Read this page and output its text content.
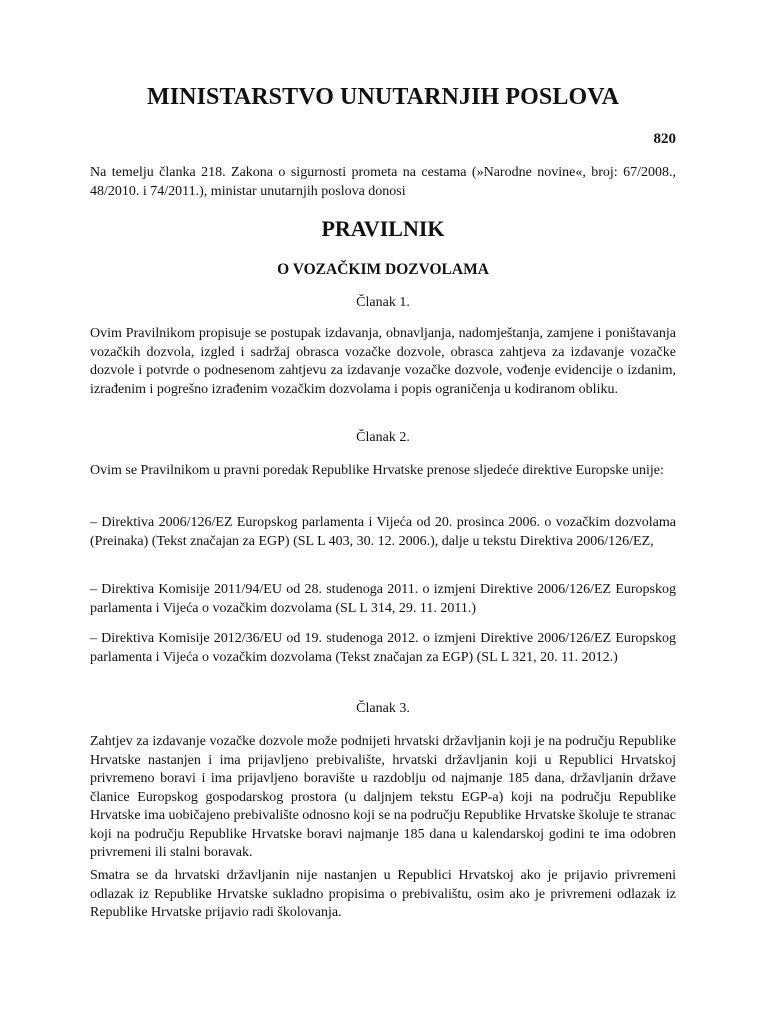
MINISTARSTVO UNUTARNJIH POSLOVA
820
Na temelju članka 218. Zakona o sigurnosti prometa na cestama (»Narodne novine«, broj: 67/2008., 48/2010. i 74/2011.), ministar unutarnjih poslova donosi
PRAVILNIK
O VOZAČKIM DOZVOLAMA
Članak 1.
Ovim Pravilnikom propisuje se postupak izdavanja, obnavljanja, nadomještanja, zamjene i poništavanja vozačkih dozvola, izgled i sadržaj obrasca vozačke dozvole, obrasca zahtjeva za izdavanje vozačke dozvole i potvrde o podnesenom zahtjevu za izdavanje vozačke dozvole, vođenje evidencije o izdanim, izrađenim i pogrešno izrađenim vozačkim dozvolama i popis ograničenja u kodiranom obliku.
Članak 2.
Ovim se Pravilnikom u pravni poredak Republike Hrvatske prenose sljedeće direktive Europske unije:
– Direktiva 2006/126/EZ Europskog parlamenta i Vijeća od 20. prosinca 2006. o vozačkim dozvolama (Preinaka) (Tekst značajan za EGP) (SL L 403, 30. 12. 2006.), dalje u tekstu Direktiva 2006/126/EZ,
– Direktiva Komisije 2011/94/EU od 28. studenoga 2011. o izmjeni Direktive 2006/126/EZ Europskog parlamenta i Vijeća o vozačkim dozvolama (SL L 314, 29. 11. 2011.)
– Direktiva Komisije 2012/36/EU od 19. studenoga 2012. o izmjeni Direktive 2006/126/EZ Europskog parlamenta i Vijeća o vozačkim dozvolama (Tekst značajan za EGP) (SL L 321, 20. 11. 2012.)
Članak 3.
Zahtjev za izdavanje vozačke dozvole može podnijeti hrvatski državljanin koji je na području Republike Hrvatske nastanjen i ima prijavljeno prebivalište, hrvatski državljanin koji u Republici Hrvatskoj privremeno boravi i ima prijavljeno boravište u razdoblju od najmanje 185 dana, državljanin države članice Europskog gospodarskog prostora (u daljnjem tekstu EGP-a) koji na području Republike Hrvatske ima uobičajeno prebivalište odnosno koji se na području Republike Hrvatske školuje te stranac koji na području Republike Hrvatske boravi najmanje 185 dana u kalendarskoj godini te ima odobren privremeni ili stalni boravak.
Smatra se da hrvatski državljanin nije nastanjen u Republici Hrvatskoj ako je prijavio privremeni odlazak iz Republike Hrvatske sukladno propisima o prebivalištu, osim ako je privremeni odlazak iz Republike Hrvatske prijavio radi školovanja.
